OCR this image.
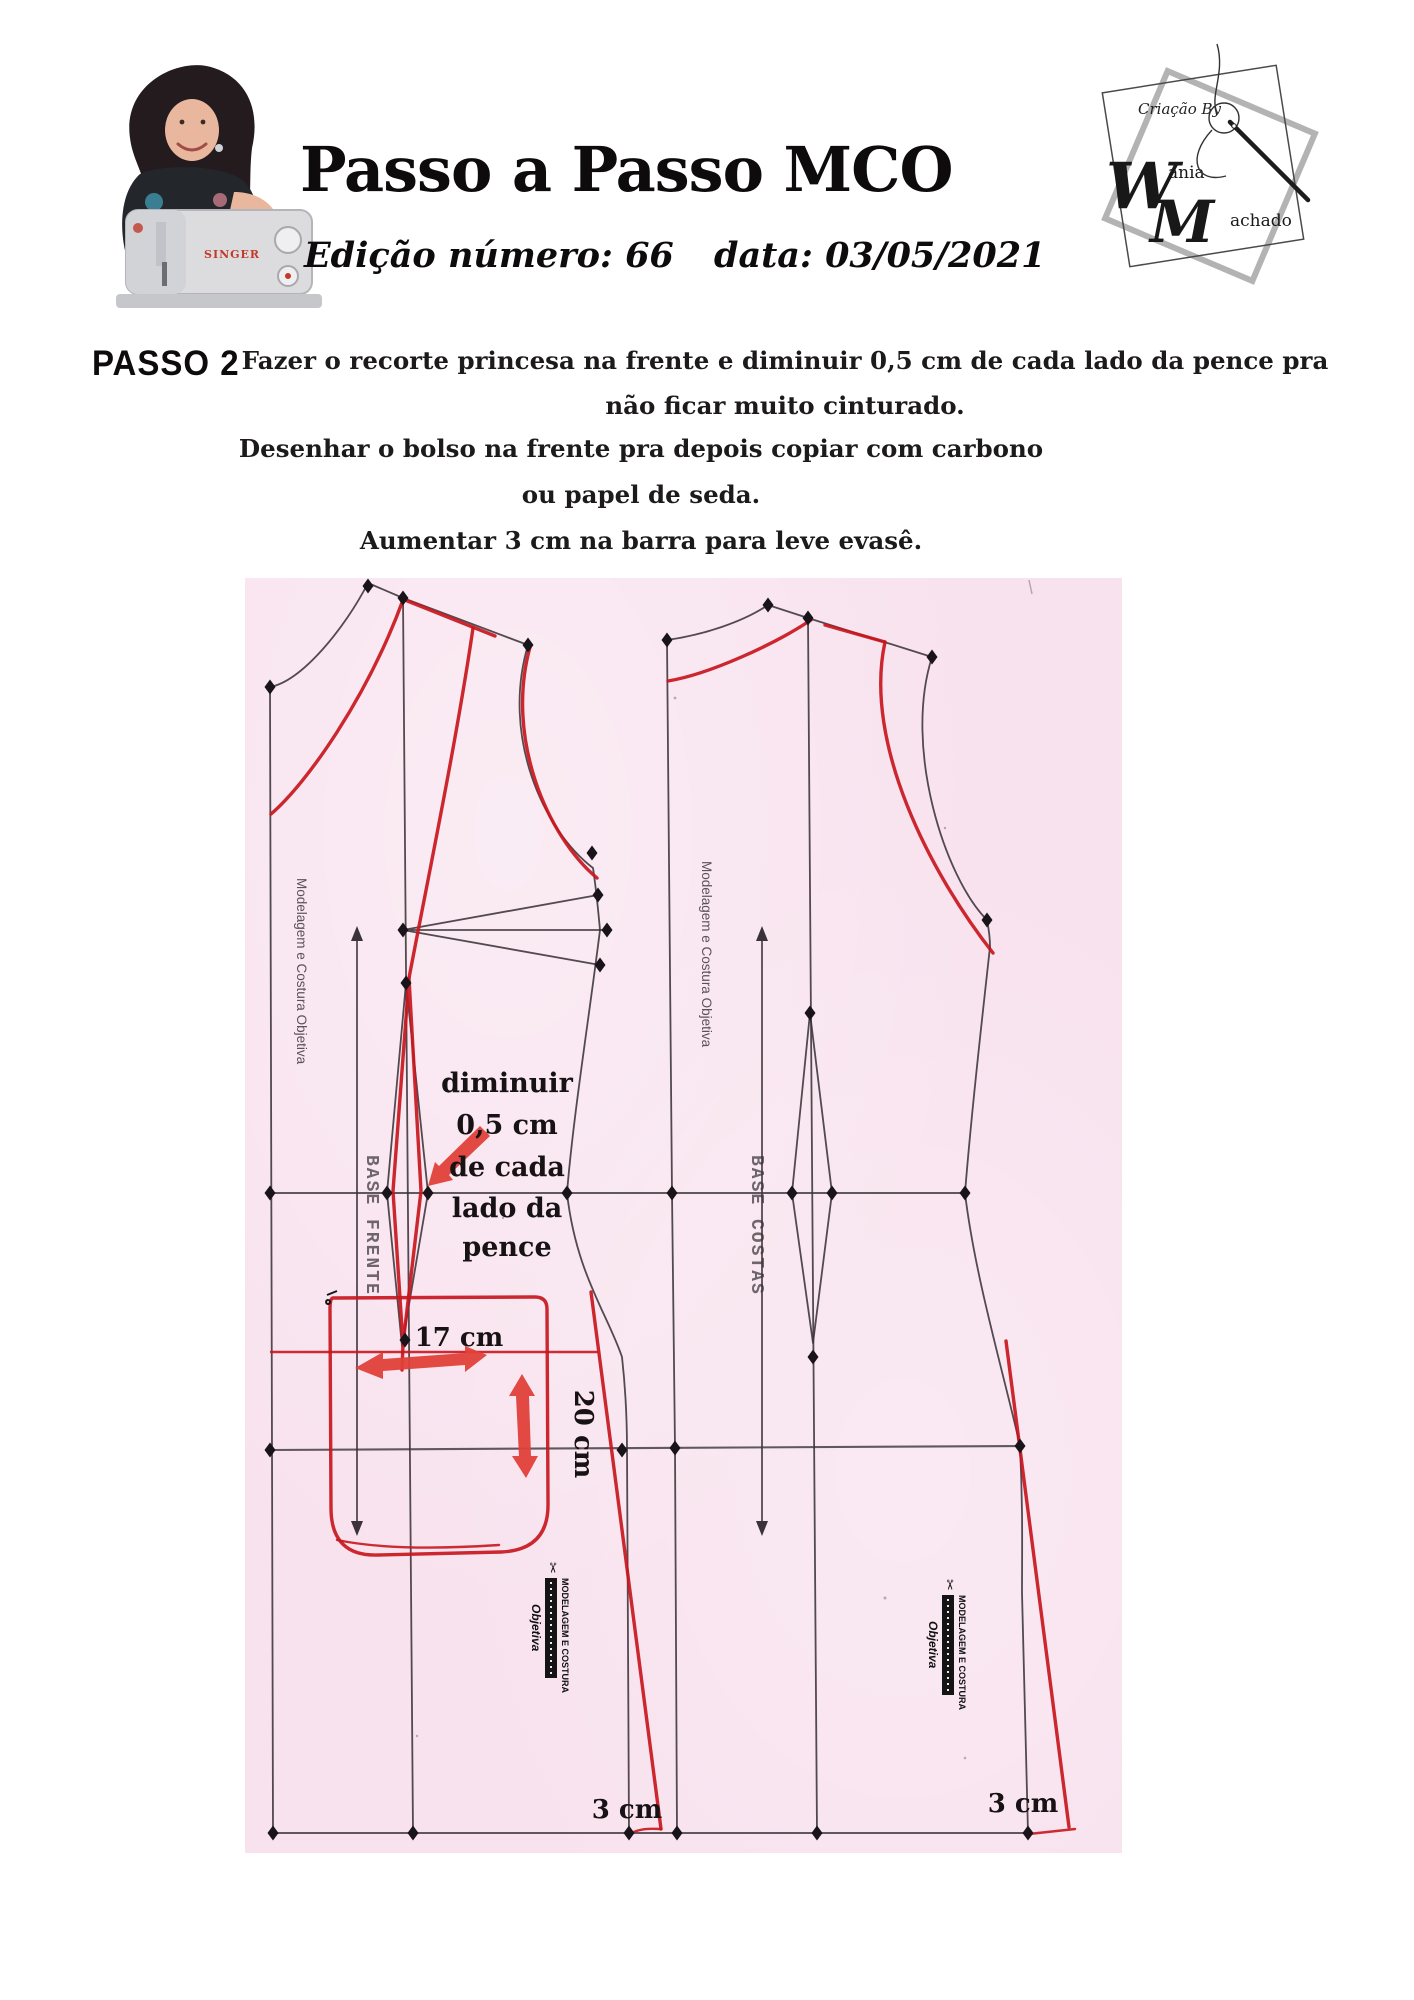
SINGER
Passo a Passo MCO

Edição número: 66 data: 03/05/2021

Criação By
W
ania
M achado
PASSO 2 Fazer o recorte princesa na frente e diminuir 0,5 cm de cada lado da pence pra
não ficar muito cinturado.
Desenhar o bolso na frente pra depois copiar com carbono ou papel de seda.
Aumentar 3 cm na barra para leve evasê.
BASE FRENTE	BASE COSTAS
Modelagem e Costura Objetiva	Modelagem e Costura Objetiva
diminuir
0,5 cm
de cada
lado da
pence
17 cm
20 cm
3 cm	3 cm
MODELAGEM E COSTURA
✂
Objetiva	MODELAGEM E COSTURA
✂
Objetiva
